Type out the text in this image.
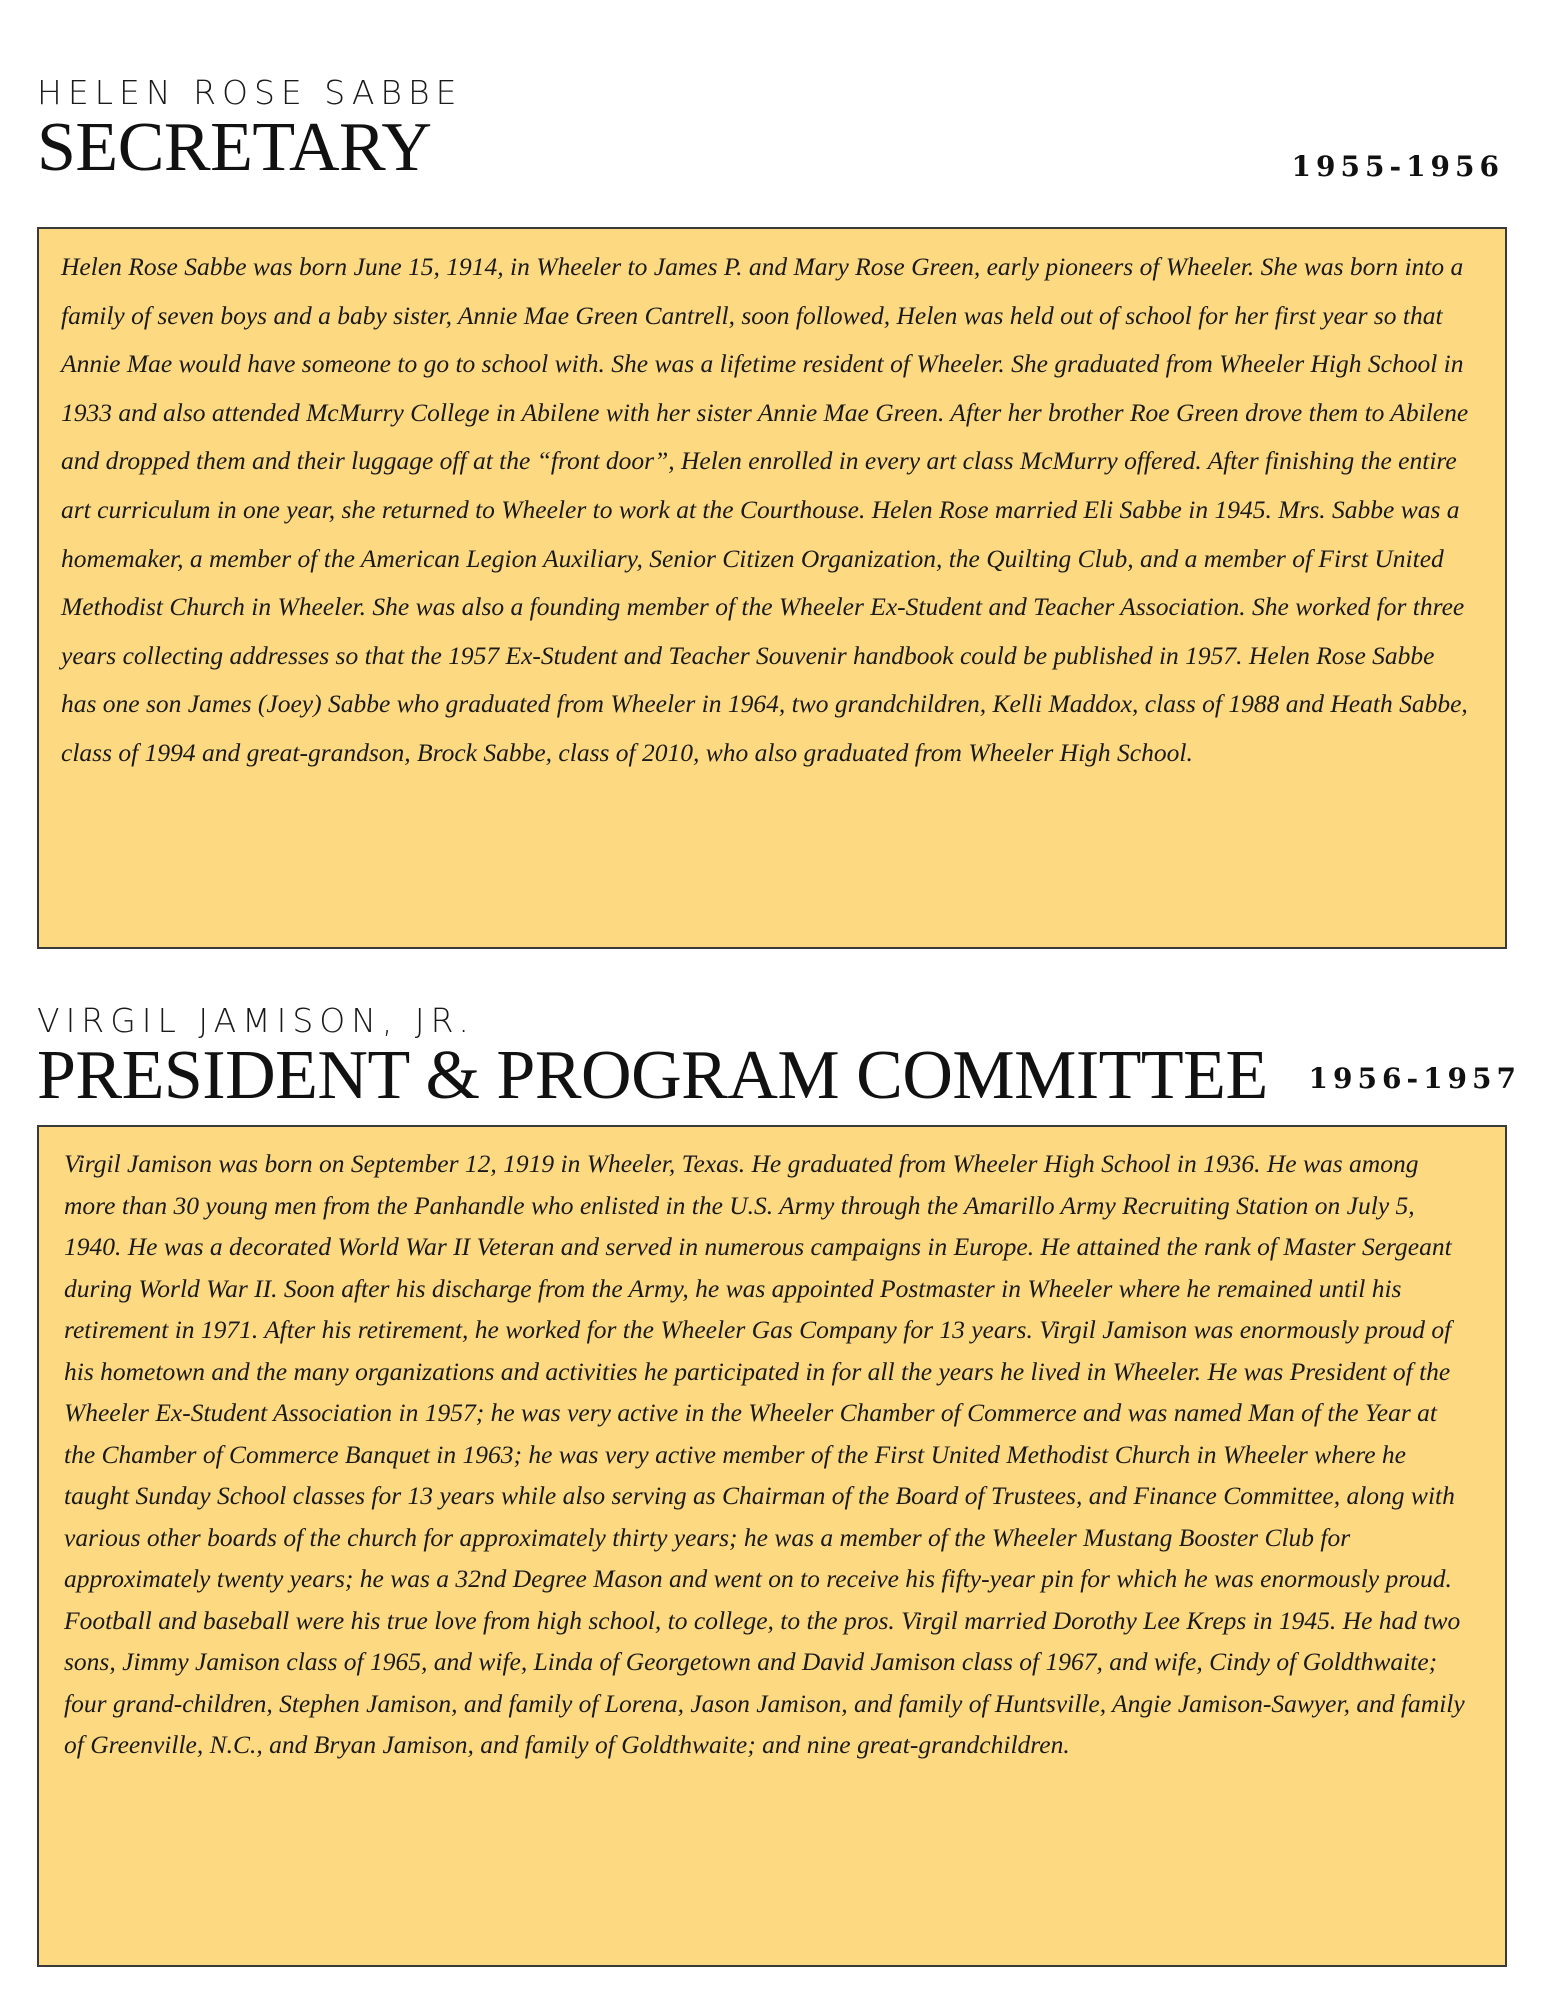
HELEN ROSE SABBE
SECRETARY	1955-1956
Helen Rose Sabbe was born June 15, 1914, in Wheeler to James P. and Mary Rose Green, early pioneers of Wheeler. She was born into a family of seven boys and a baby sister, Annie Mae Green Cantrell, soon followed, Helen was held out of school for her first year so that Annie Mae would have someone to go to school with. She was a lifetime resident of Wheeler. She graduated from Wheeler High School in 1933 and also attended McMurry College in Abilene with her sister Annie Mae Green. After her brother Roe Green drove them to Abilene and dropped them and their luggage off at the “front door”, Helen enrolled in every art class McMurry offered. After finishing the entire art curriculum in one year, she returned to Wheeler to work at the Courthouse. Helen Rose married Eli Sabbe in 1945. Mrs. Sabbe was a homemaker, a member of the American Legion Auxiliary, Senior Citizen Organization, the Quilting Club, and a member of First United Methodist Church in Wheeler. She was also a founding member of the Wheeler Ex-Student and Teacher Association. She worked for three years collecting addresses so that the 1957 Ex-Student and Teacher Souvenir handbook could be published in 1957. Helen Rose Sabbe has one son James (Joey) Sabbe who graduated from Wheeler in 1964, two grandchildren, Kelli Maddox, class of 1988 and Heath Sabbe, class of 1994 and great-grandson, Brock Sabbe, class of 2010, who also graduated from Wheeler High School.
VIRGIL JAMISON, JR.
PRESIDENT & PROGRAM COMMITTEE 1956-1957
Virgil Jamison was born on September 12, 1919 in Wheeler, Texas. He graduated from Wheeler High School in 1936. He was among more than 30 young men from the Panhandle who enlisted in the U.S. Army through the Amarillo Army Recruiting Station on July 5, 1940. He was a decorated World War II Veteran and served in numerous campaigns in Europe. He attained the rank of Master Sergeant during World War II. Soon after his discharge from the Army, he was appointed Postmaster in Wheeler where he remained until his retirement in 1971. After his retirement, he worked for the Wheeler Gas Company for 13 years. Virgil Jamison was enormously proud of his hometown and the many organizations and activities he participated in for all the years he lived in Wheeler. He was President of the Wheeler Ex-Student Association in 1957; he was very active in the Wheeler Chamber of Commerce and was named Man of the Year at the Chamber of Commerce Banquet in 1963; he was very active member of the First United Methodist Church in Wheeler where he taught Sunday School classes for 13 years while also serving as Chairman of the Board of Trustees, and Finance Committee, along with various other boards of the church for approximately thirty years; he was a member of the Wheeler Mustang Booster Club for approximately twenty years; he was a 32nd Degree Mason and went on to receive his fifty-year pin for which he was enormously proud. Football and baseball were his true love from high school, to college, to the pros. Virgil married Dorothy Lee Kreps in 1945. He had two sons, Jimmy Jamison class of 1965, and wife, Linda of Georgetown and David Jamison class of 1967, and wife, Cindy of Goldthwaite; four grand-children, Stephen Jamison, and family of Lorena, Jason Jamison, and family of Huntsville, Angie Jamison-Sawyer, and family of Greenville, N.C., and Bryan Jamison, and family of Goldthwaite; and nine great-grandchildren.
